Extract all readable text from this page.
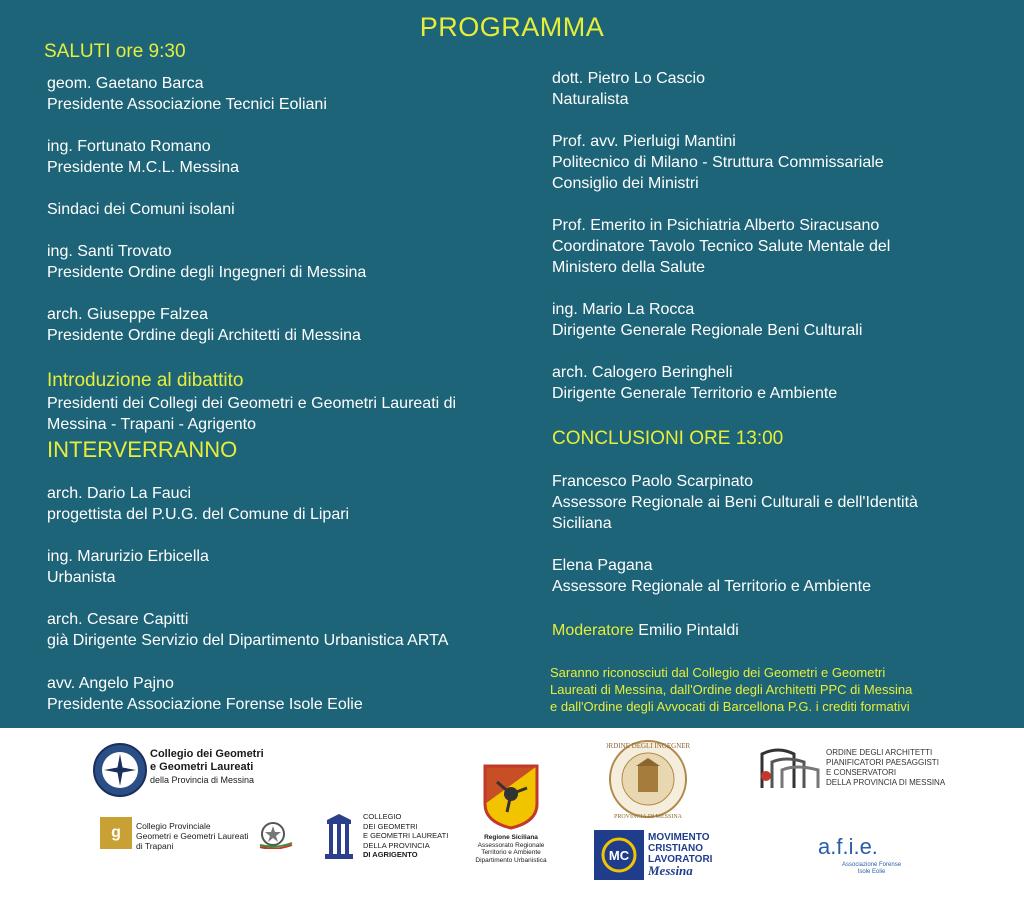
PROGRAMMA
SALUTI ore 9:30
geom. Gaetano Barca
Presidente Associazione Tecnici Eoliani
ing. Fortunato Romano
Presidente M.C.L. Messina
Sindaci dei Comuni isolani
ing. Santi Trovato
Presidente Ordine degli Ingegneri di Messina
arch. Giuseppe Falzea
Presidente Ordine degli Architetti di Messina
Introduzione al dibattito
Presidenti dei Collegi dei Geometri e Geometri Laureati di
Messina - Trapani - Agrigento
INTERVERRANNO
arch. Dario La Fauci
progettista del P.U.G. del Comune di Lipari
ing. Marurizio Erbicella
Urbanista
arch. Cesare Capitti
già Dirigente Servizio del Dipartimento Urbanistica ARTA
avv. Angelo Pajno
Presidente Associazione Forense Isole Eolie
dott. Pietro Lo Cascio
Naturalista
Prof. avv. Pierluigi Mantini
Politecnico di Milano - Struttura Commissariale
Consiglio dei Ministri
Prof. Emerito in Psichiatria Alberto Siracusano
Coordinatore Tavolo Tecnico Salute Mentale del
Ministero della Salute
ing. Mario La Rocca
Dirigente Generale Regionale Beni Culturali
arch. Calogero Beringheli
Dirigente Generale Territorio e Ambiente
CONCLUSIONI ORE 13:00
Francesco Paolo Scarpinato
Assessore Regionale ai Beni Culturali e dell'Identità
Siciliana
Elena Pagana
Assessore Regionale al Territorio e Ambiente
Moderatore Emilio Pintaldi
Saranno riconosciuti dal Collegio dei Geometri e Geometri
Laureati di Messina, dall'Ordine degli Architetti PPC di Messina
e dall'Ordine degli Avvocati di Barcellona P.G. i crediti formativi
Collegio dei Geometri
e Geometri Laureati
della Provincia di Messina
g	Collegio Provinciale
Geometri e Geometri Laureati
di Trapani
COLLEGIO
DEI GEOMETRI
E GEOMETRI LAUREATI
DELLA PROVINCIA
DI AGRIGENTO
Regione Siciliana
Assessorato Regionale
Territorio e Ambiente
Dipartimento Urbanistica
ORDINE DEGLI INGEGNERI
PROVINCIA DI MESSINA
MC
MOVIMENTO
CRISTIANO
LAVORATORI
Messina
ORDINE DEGLI ARCHITETTI
PIANIFICATORI PAESAGGISTI
E CONSERVATORI
DELLA PROVINCIA DI MESSINA
a.f.i.e.
Associazione Forense
Isole Eolie
